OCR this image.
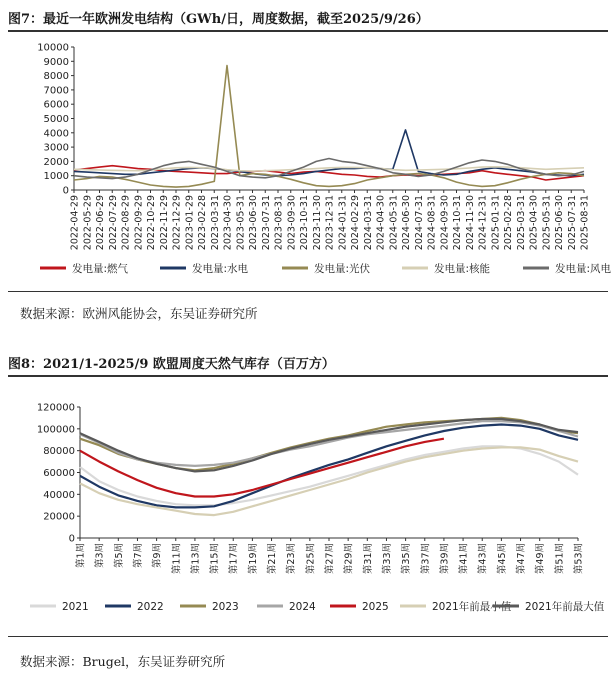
图7：最近一年欧洲发电结构（GWh/日，周度数据，截至2025/9/26）
0
1000
2000
3000
4000
5000
6000
7000
8000
9000
10000
2022-04-29 2022-05-29 2022-06-29 2022-07-29 2022-08-29 2022-09-29 2022-10-29 2022-11-29 2022-12-29 2023-01-29 2023-02-28 2023-03-31 2023-04-30 2023-05-31 2023-06-30 2023-07-31 2023-08-31 2023-09-30 2023-10-31 2023-11-30 2023-12-31 2024-01-31 2024-02-29 2024-03-31 2024-04-30 2024-05-31 2024-06-30 2024-07-31 2024-08-31 2024-09-30 2024-10-31 2024-11-30 2024-12-31 2025-01-31 2025-02-28 2025-03-31 2025-04-30 2025-05-31 2025-06-30 2025-07-31 2025-08-31
发电量:燃气	发电量:水电	发电量:光伏	发电量:核能	发电量:风电
数据来源：欧洲风能协会，东吴证券研究所
图8：2021/1-2025/9 欧盟周度天然气库存（百万方）
0
20000
40000
60000
80000
100000
120000
第1周 第3周 第5周 第7周 第9周 第11周 第13周 第15周 第17周 第19周 第21周 第23周 第25周 第27周 第29周 第31周 第33周 第35周 第37周 第39周 第41周 第43周 第45周 第47周 第49周 第51周 第53周
2021	2022	2023	2024	2025	2021年前最小值 2021年前最大值
数据来源：Brugel，东吴证券研究所
